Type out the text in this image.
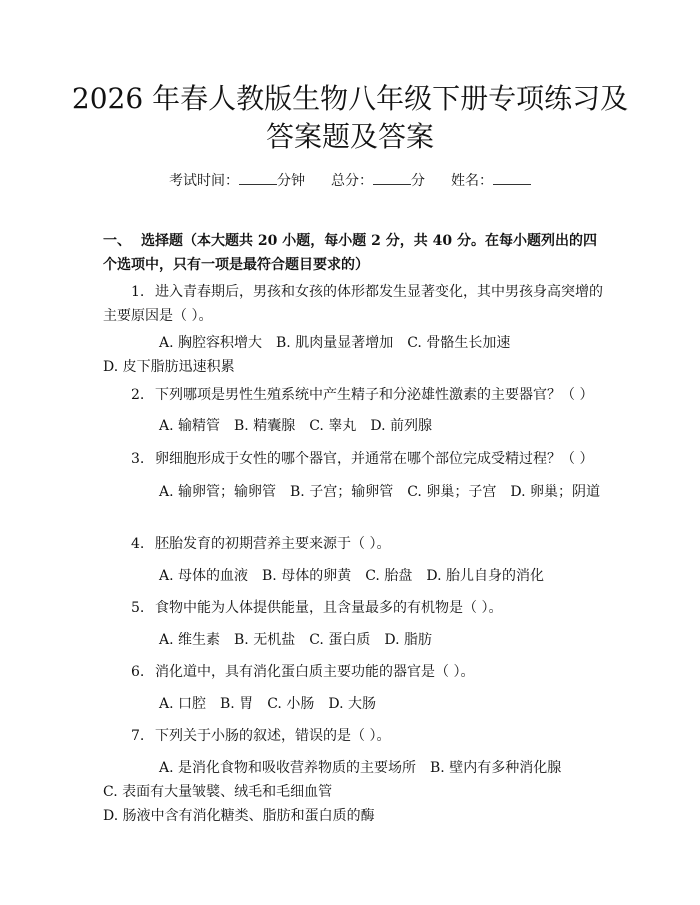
2026 年春人教版生物八年级下册专项练习及
答案题及答案
考试时间：	分钟 总分：	分 姓名：

一、 选择题（本大题共 20 小题，每小题 2 分，共 40 分。在每小题列出的四个选项中，只有一项是最符合题目要求的）

1. 进入青春期后，男孩和女孩的体形都发生显著变化，其中男孩身高突增的主要原因是（ ）。
A. 胸腔容积增大 B. 肌肉量显著增加 C. 骨骼生长加速D. 皮下脂肪迅速积累
2. 下列哪项是男性生殖系统中产生精子和分泌雄性激素的主要器官？（ ）
A. 输精管 B. 精囊腺 C. 睾丸 D. 前列腺
3. 卵细胞形成于女性的哪个器官，并通常在哪个部位完成受精过程？（ ）
A. 输卵管；输卵管 B. 子宫；输卵管 C. 卵巢；子宫 D. 卵巢；阴道
4. 胚胎发育的初期营养主要来源于（ ）。
A. 母体的血液 B. 母体的卵黄 C. 胎盘 D. 胎儿自身的消化
5. 食物中能为人体提供能量，且含量最多的有机物是（ ）。
A. 维生素 B. 无机盐 C. 蛋白质 D. 脂肪
6. 消化道中，具有消化蛋白质主要功能的器官是（ ）。
A. 口腔 B. 胃 C. 小肠 D. 大肠
7. 下列关于小肠的叙述，错误的是（ ）。
A. 是消化食物和吸收营养物质的主要场所 B. 壁内有多种消化腺C. 表面有大量皱襞、绒毛和毛细血管D. 肠液中含有消化糖类、脂肪和蛋白质的酶
